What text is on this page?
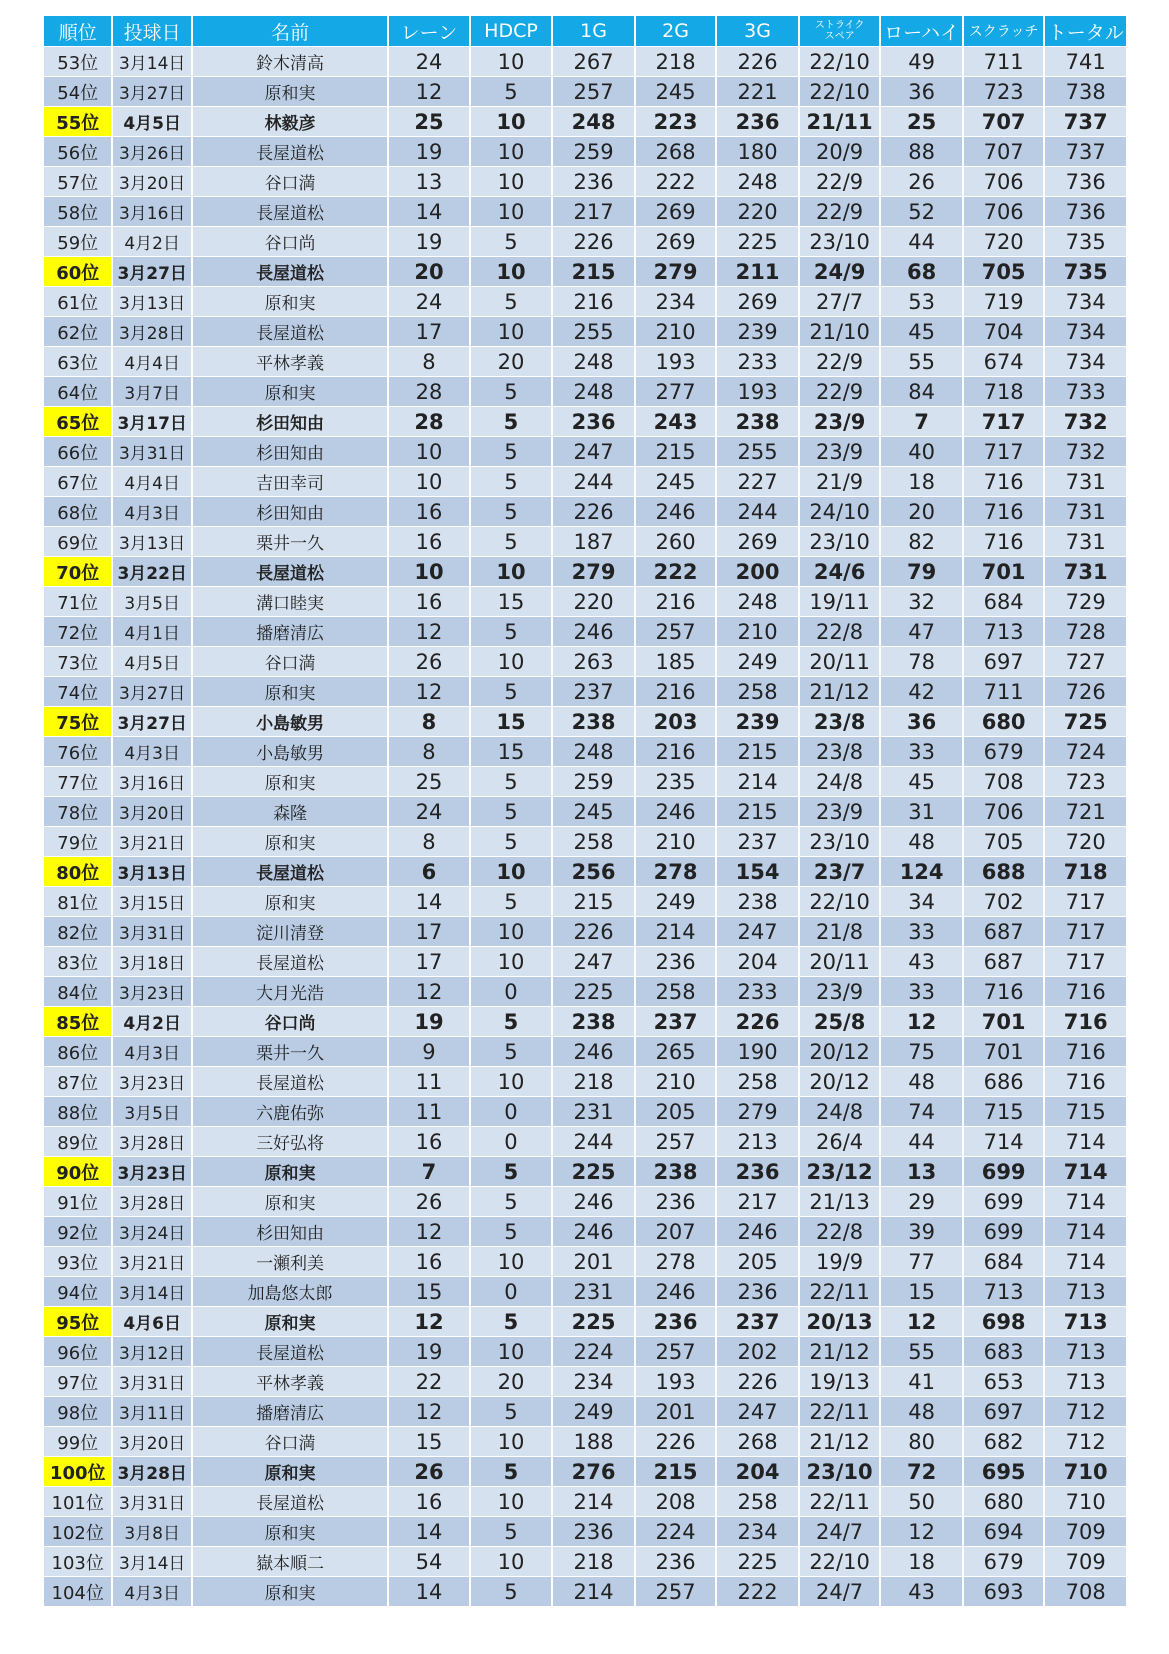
順位	投球日	名前	レーン	HDCP	1G	2G	3G	ストライク
スペア	ローハイ	スクラッチ	トータル
53位	3月14日	鈴木清高	24	10	267	218	226	22/10	49	711	741
54位	3月27日	原和実	12	5	257	245	221	22/10	36	723	738
55位	4月5日	林毅彦	25	10	248	223	236	21/11	25	707	737
56位	3月26日	長屋道松	19	10	259	268	180	20/9	88	707	737
57位	3月20日	谷口満	13	10	236	222	248	22/9	26	706	736
58位	3月16日	長屋道松	14	10	217	269	220	22/9	52	706	736
59位	4月2日	谷口尚	19	5	226	269	225	23/10	44	720	735
60位	3月27日	長屋道松	20	10	215	279	211	24/9	68	705	735
61位	3月13日	原和実	24	5	216	234	269	27/7	53	719	734
62位	3月28日	長屋道松	17	10	255	210	239	21/10	45	704	734
63位	4月4日	平林孝義	8	20	248	193	233	22/9	55	674	734
64位	3月7日	原和実	28	5	248	277	193	22/9	84	718	733
65位	3月17日	杉田知由	28	5	236	243	238	23/9	7	717	732
66位	3月31日	杉田知由	10	5	247	215	255	23/9	40	717	732
67位	4月4日	吉田幸司	10	5	244	245	227	21/9	18	716	731
68位	4月3日	杉田知由	16	5	226	246	244	24/10	20	716	731
69位	3月13日	栗井一久	16	5	187	260	269	23/10	82	716	731
70位	3月22日	長屋道松	10	10	279	222	200	24/6	79	701	731
71位	3月5日	溝口睦実	16	15	220	216	248	19/11	32	684	729
72位	4月1日	播磨清広	12	5	246	257	210	22/8	47	713	728
73位	4月5日	谷口満	26	10	263	185	249	20/11	78	697	727
74位	3月27日	原和実	12	5	237	216	258	21/12	42	711	726
75位	3月27日	小島敏男	8	15	238	203	239	23/8	36	680	725
76位	4月3日	小島敏男	8	15	248	216	215	23/8	33	679	724
77位	3月16日	原和実	25	5	259	235	214	24/8	45	708	723
78位	3月20日	森隆	24	5	245	246	215	23/9	31	706	721
79位	3月21日	原和実	8	5	258	210	237	23/10	48	705	720
80位	3月13日	長屋道松	6	10	256	278	154	23/7	124	688	718
81位	3月15日	原和実	14	5	215	249	238	22/10	34	702	717
82位	3月31日	淀川清登	17	10	226	214	247	21/8	33	687	717
83位	3月18日	長屋道松	17	10	247	236	204	20/11	43	687	717
84位	3月23日	大月光浩	12	0	225	258	233	23/9	33	716	716
85位	4月2日	谷口尚	19	5	238	237	226	25/8	12	701	716
86位	4月3日	栗井一久	9	5	246	265	190	20/12	75	701	716
87位	3月23日	長屋道松	11	10	218	210	258	20/12	48	686	716
88位	3月5日	六鹿佑弥	11	0	231	205	279	24/8	74	715	715
89位	3月28日	三好弘将	16	0	244	257	213	26/4	44	714	714
90位	3月23日	原和実	7	5	225	238	236	23/12	13	699	714
91位	3月28日	原和実	26	5	246	236	217	21/13	29	699	714
92位	3月24日	杉田知由	12	5	246	207	246	22/8	39	699	714
93位	3月21日	一瀬利美	16	10	201	278	205	19/9	77	684	714
94位	3月14日	加島悠太郎	15	0	231	246	236	22/11	15	713	713
95位	4月6日	原和実	12	5	225	236	237	20/13	12	698	713
96位	3月12日	長屋道松	19	10	224	257	202	21/12	55	683	713
97位	3月31日	平林孝義	22	20	234	193	226	19/13	41	653	713
98位	3月11日	播磨清広	12	5	249	201	247	22/11	48	697	712
99位	3月20日	谷口満	15	10	188	226	268	21/12	80	682	712
100位	3月28日	原和実	26	5	276	215	204	23/10	72	695	710
101位	3月31日	長屋道松	16	10	214	208	258	22/11	50	680	710
102位	3月8日	原和実	14	5	236	224	234	24/7	12	694	709
103位	3月14日	嶽本順二	54	10	218	236	225	22/10	18	679	709
104位	4月3日	原和実	14	5	214	257	222	24/7	43	693	708
